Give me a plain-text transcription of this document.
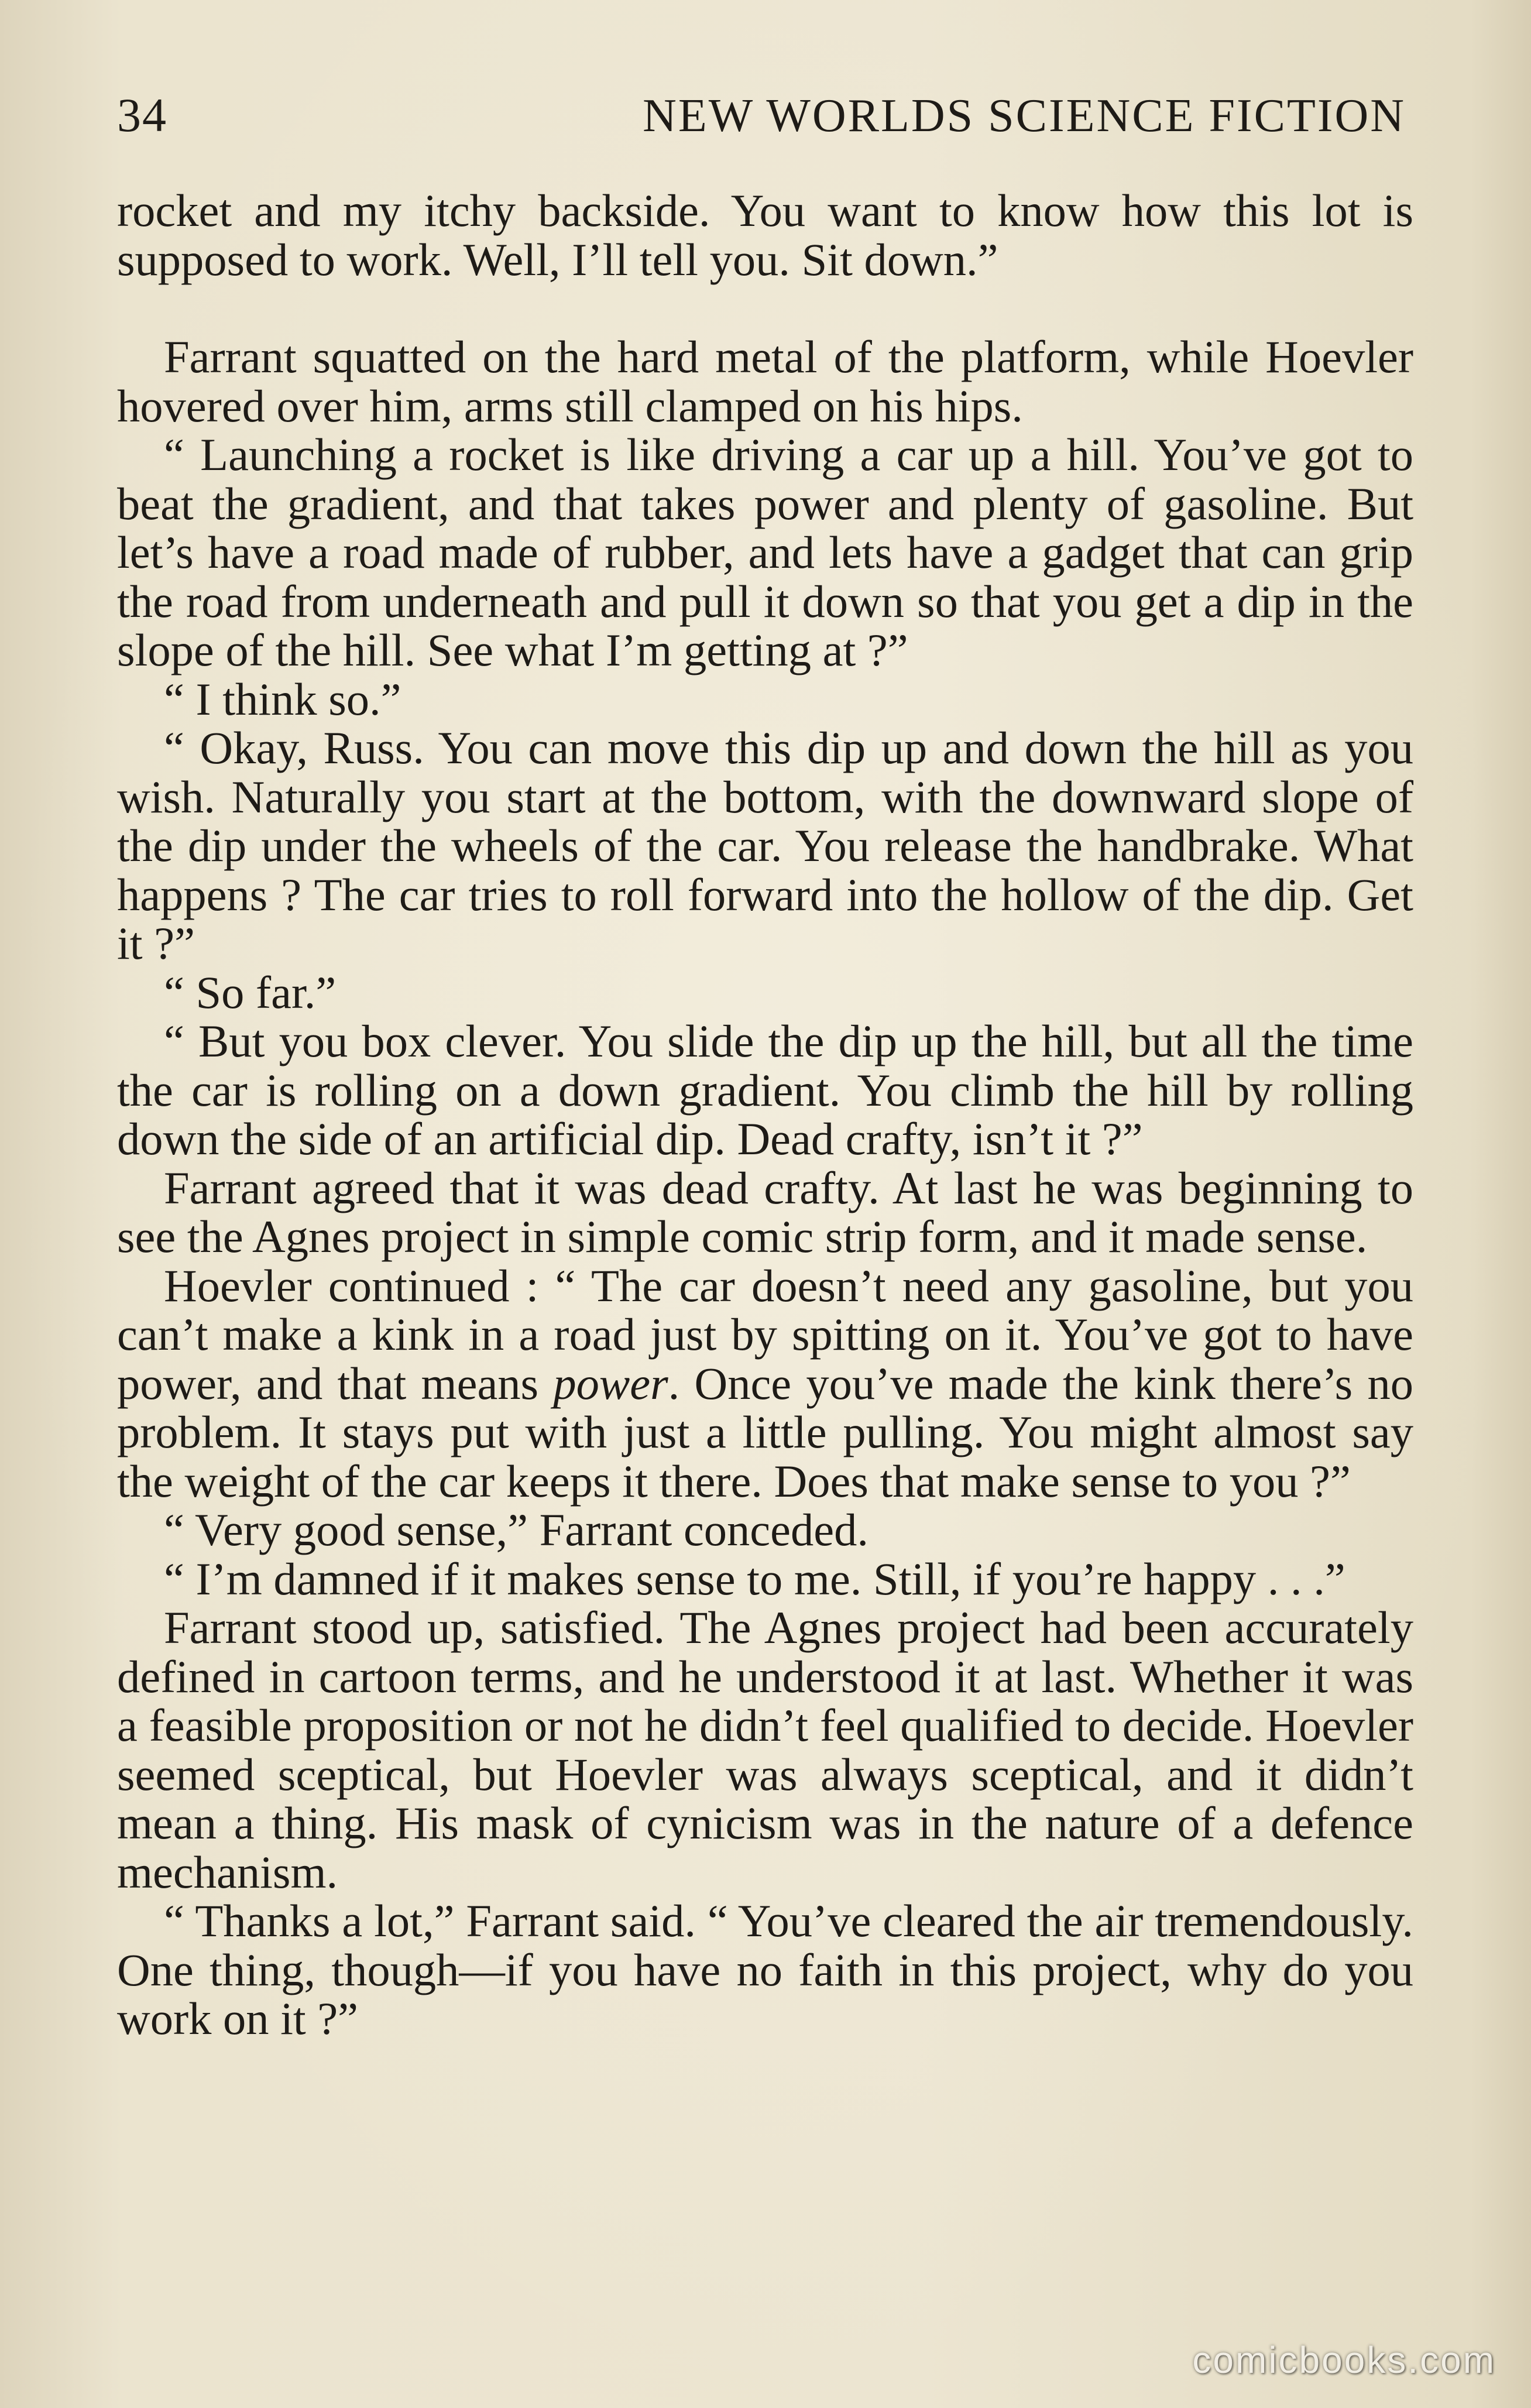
34	NEW WORLDS SCIENCE FICTION

rocket and my itchy backside. You want to know how this lot is supposed to work. Well, I’ll tell you. Sit down.”

Farrant squatted on the hard metal of the platform, while Hoevler hovered over him, arms still clamped on his hips.

“ Launching a rocket is like driving a car up a hill. You’ve got to beat the gradient, and that takes power and plenty of gasoline. But let’s have a road made of rubber, and lets have a gadget that can grip the road from underneath and pull it down so that you get a dip in the slope of the hill. See what I’m getting at ?”

“ I think so.”

“ Okay, Russ. You can move this dip up and down the hill as you wish. Naturally you start at the bottom, with the downward slope of the dip under the wheels of the car. You release the handbrake. What happens ? The car tries to roll forward into the hollow of the dip. Get it ?”

“ So far.”

“ But you box clever. You slide the dip up the hill, but all the time the car is rolling on a down gradient. You climb the hill by rolling down the side of an artificial dip. Dead crafty, isn’t it ?”

Farrant agreed that it was dead crafty. At last he was beginning to see the Agnes project in simple comic strip form, and it made sense.

Hoevler continued : “ The car doesn’t need any gasoline, but you can’t make a kink in a road just by spitting on it. You’ve got to have power, and that means power. Once you’ve made the kink there’s no problem. It stays put with just a little pulling. You might almost say the weight of the car keeps it there. Does that make sense to you ?”

“ Very good sense,” Farrant conceded.

“ I’m damned if it makes sense to me. Still, if you’re happy . . .”

Farrant stood up, satisfied. The Agnes project had been accurately defined in cartoon terms, and he understood it at last. Whether it was a feasible proposition or not he didn’t feel qualified to decide. Hoevler seemed sceptical, but Hoevler was always sceptical, and it didn’t mean a thing. His mask of cynicism was in the nature of a defence mechanism.

“ Thanks a lot,” Farrant said. “ You’ve cleared the air tremendously. One thing, though—if you have no faith in this project, why do you work on it ?”

comicbooks.com
